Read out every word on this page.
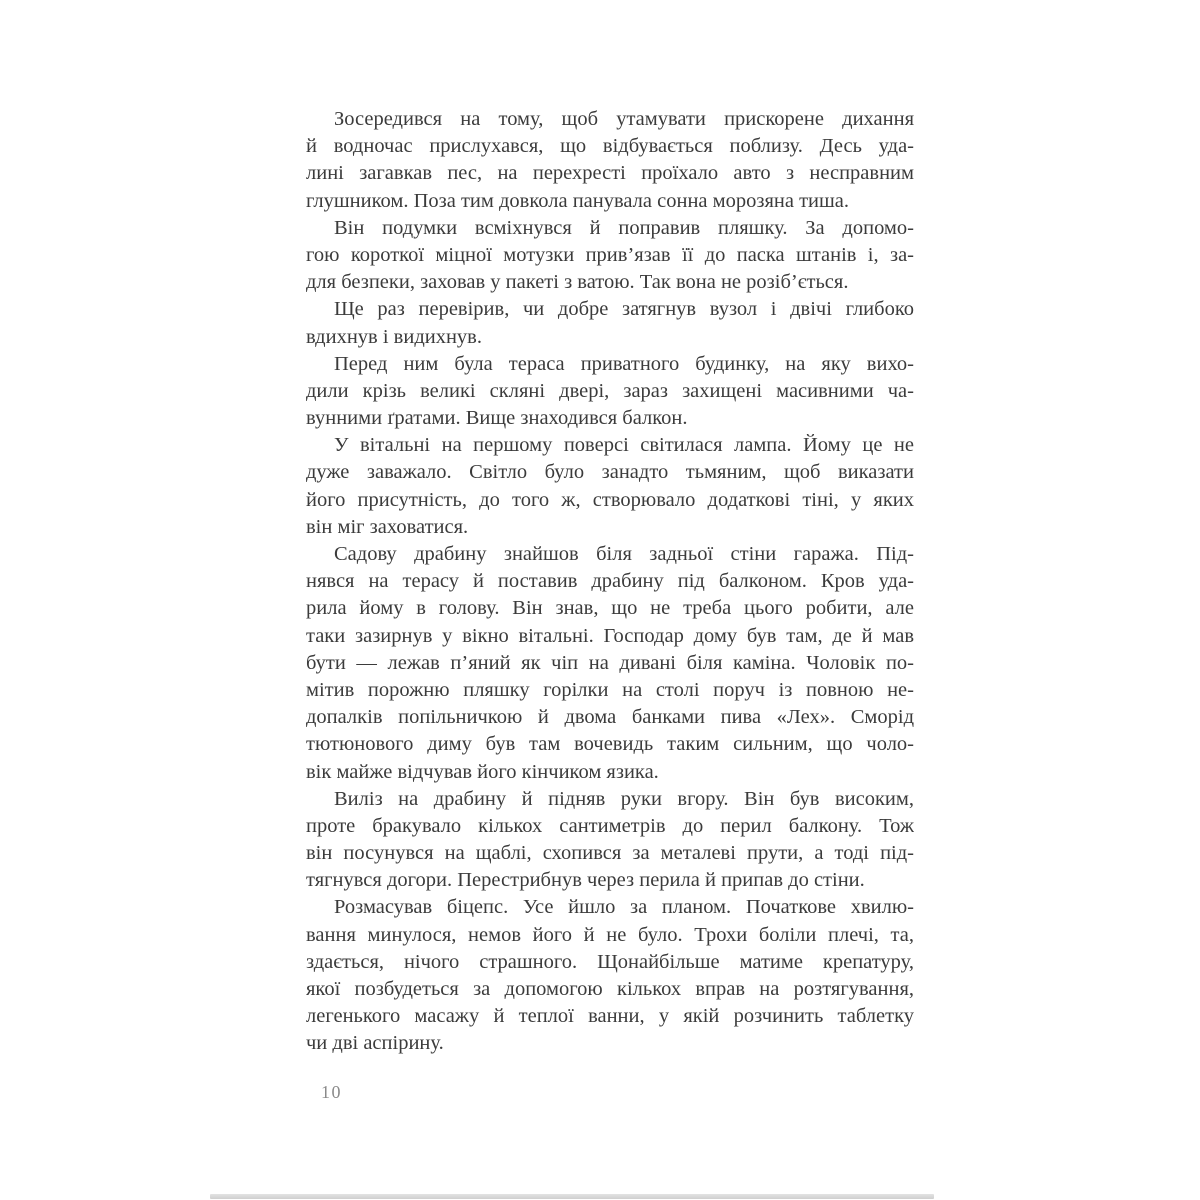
Зосередився на тому, щоб утамувати прискорене дихання
й водночас прислухався, що відбувається поблизу. Десь уда-
лині загавкав пес, на перехресті проїхало авто з несправним
глушником. Поза тим довкола панувала сонна морозяна тиша.
Він подумки всміхнувся й поправив пляшку. За допомо-
гою короткої міцної мотузки прив’язав її до паска штанів і, за-
для безпеки, заховав у пакеті з ватою. Так вона не розіб’ється.
Ще раз перевірив, чи добре затягнув вузол і двічі глибоко
вдихнув і видихнув.
Перед ним була тераса приватного будинку, на яку вихо-
дили крізь великі скляні двері, зараз захищені масивними ча-
вунними ґратами. Вище знаходився балкон.
У вітальні на першому поверсі світилася лампа. Йому це не
дуже заважало. Світло було занадто тьмяним, щоб виказати
його присутність, до того ж, створювало додаткові тіні, у яких
він міг заховатися.
Садову драбину знайшов біля задньої стіни гаража. Під-
нявся на терасу й поставив драбину під балконом. Кров уда-
рила йому в голову. Він знав, що не треба цього робити, але
таки зазирнув у вікно вітальні. Господар дому був там, де й мав
бути — лежав п’яний як чіп на дивані біля каміна. Чоловік по-
мітив порожню пляшку горілки на столі поруч із повною не-
допалків попільничкою й двома банками пива «Лех». Сморід
тютюнового диму був там вочевидь таким сильним, що чоло-
вік майже відчував його кінчиком язика.
Виліз на драбину й підняв руки вгору. Він був високим,
проте бракувало кількох сантиметрів до перил балкону. Тож
він посунувся на щаблі, схопився за металеві прути, а тоді під-
тягнувся догори. Перестрибнув через перила й припав до стіни.
Розмасував біцепс. Усе йшло за планом. Початкове хвилю-
вання минулося, немов його й не було. Трохи боліли плечі, та,
здається, нічого страшного. Щонайбільше матиме крепатуру,
якої позбудеться за допомогою кількох вправ на розтягування,
легенького масажу й теплої ванни, у якій розчинить таблетку
чи дві аспірину.
10
